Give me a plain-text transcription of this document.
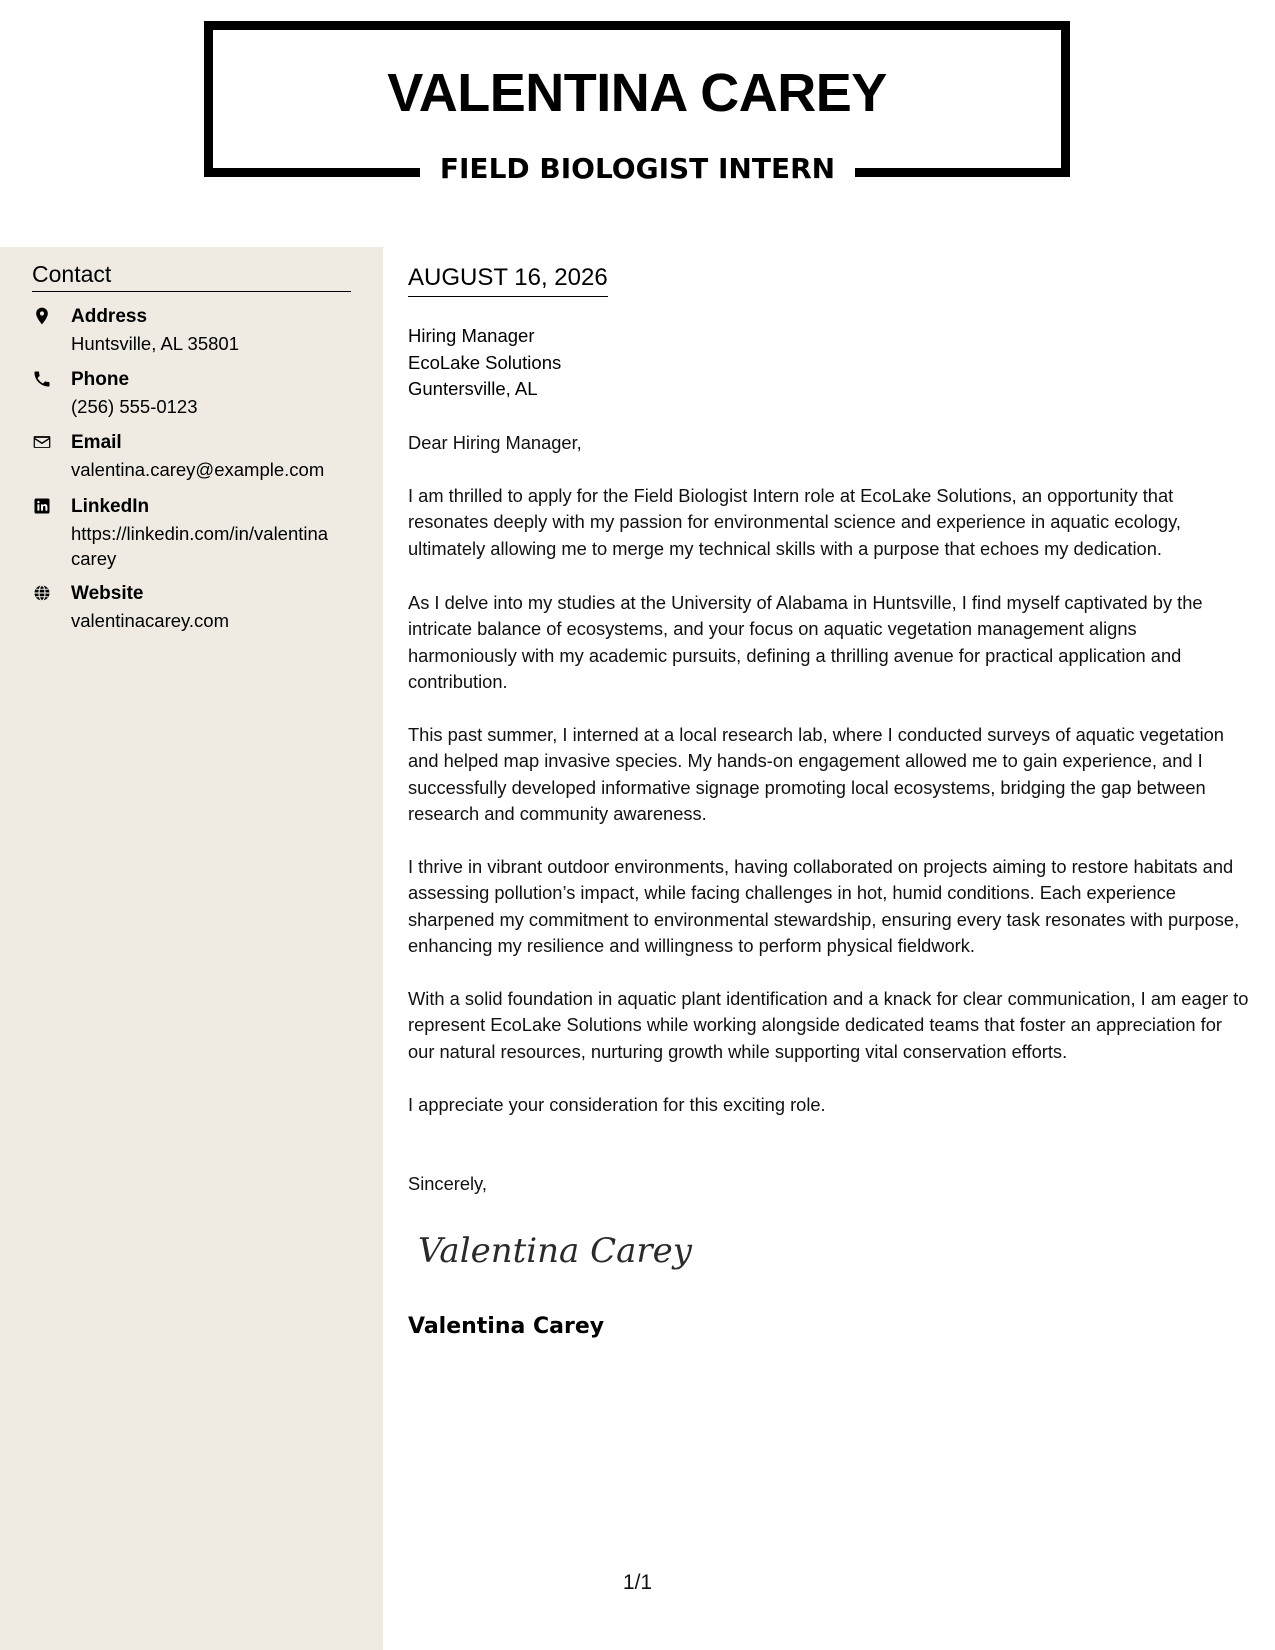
VALENTINA CAREY
FIELD BIOLOGIST INTERN
Contact
Address
Huntsville, AL 35801
Phone
(256) 555-0123
Email
valentina.carey@example.com
LinkedIn
https://linkedin.com/in/valentina carey
Website
valentinacarey.com
AUGUST 16, 2026
Hiring Manager
EcoLake Solutions
Guntersville, AL
Dear Hiring Manager,
I am thrilled to apply for the Field Biologist Intern role at EcoLake Solutions, an opportunity that resonates deeply with my passion for environmental science and experience in aquatic ecology, ultimately allowing me to merge my technical skills with a purpose that echoes my dedication.
As I delve into my studies at the University of Alabama in Huntsville, I find myself captivated by the intricate balance of ecosystems, and your focus on aquatic vegetation management aligns harmoniously with my academic pursuits, defining a thrilling avenue for practical application and contribution.
This past summer, I interned at a local research lab, where I conducted surveys of aquatic vegetation and helped map invasive species. My hands-on engagement allowed me to gain experience, and I successfully developed informative signage promoting local ecosystems, bridging the gap between research and community awareness.
I thrive in vibrant outdoor environments, having collaborated on projects aiming to restore habitats and assessing pollution’s impact, while facing challenges in hot, humid conditions. Each experience sharpened my commitment to environmental stewardship, ensuring every task resonates with purpose, enhancing my resilience and willingness to perform physical fieldwork.
With a solid foundation in aquatic plant identification and a knack for clear communication, I am eager to represent EcoLake Solutions while working alongside dedicated teams that foster an appreciation for our natural resources, nurturing growth while supporting vital conservation efforts.
I appreciate your consideration for this exciting role.
Sincerely,
Valentina Carey
Valentina Carey
1/1
